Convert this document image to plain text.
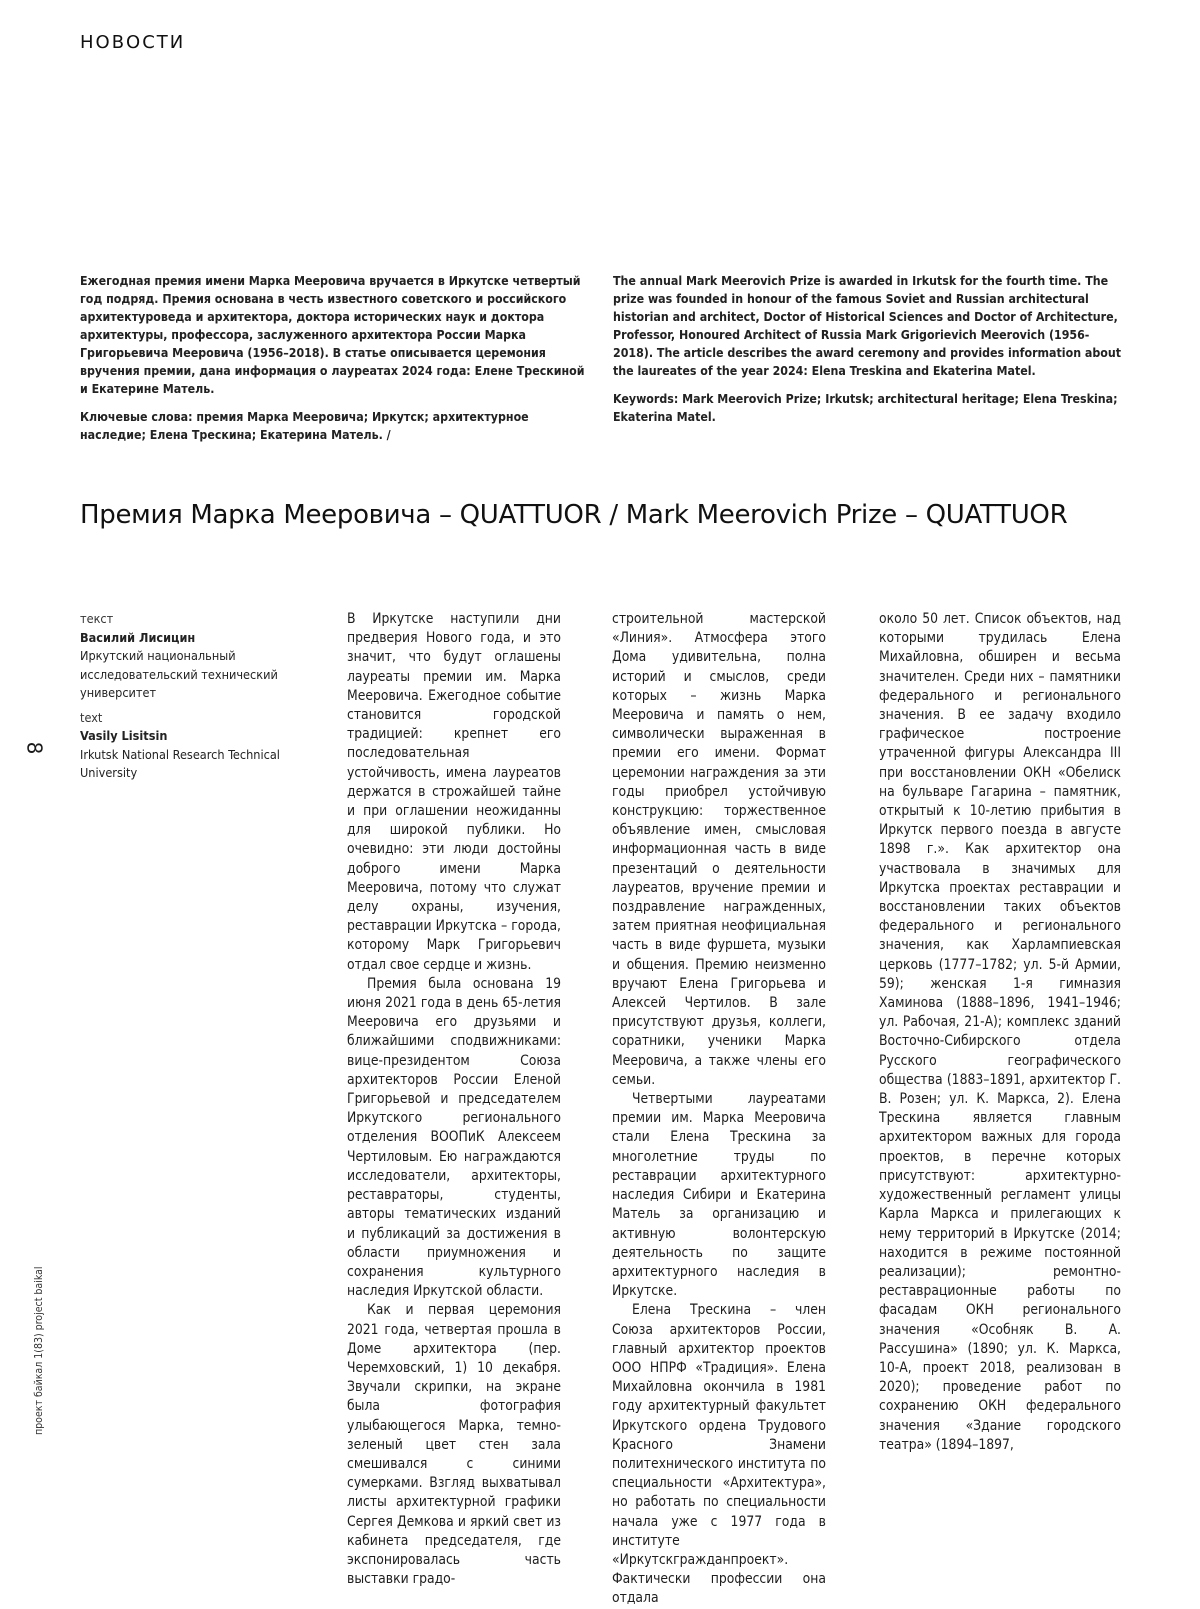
НОВОСТИ

Ежегодная премия имени Марка Мееровича вручается в Иркутске четвертый год подряд. Премия основана в честь известного советского и российского архитектуроведа и архитектора, доктора исторических наук и доктора архитектуры, профессора, заслуженного архитектора России Марка Григорьевича Мееровича (1956–2018). В статье описывается церемония вручения премии, дана информация о лауреатах 2024 года: Елене Трескиной и Екатерине Матель.

Ключевые слова: премия Марка Мееровича; Иркутск; архитектурное наследие; Елена Трескина; Екатерина Матель. /

The annual Mark Meerovich Prize is awarded in Irkutsk for the fourth time. The prize was founded in honour of the famous Soviet and Russian architectural historian and architect, Doctor of Historical Sciences and Doctor of Architecture, Professor, Honoured Architect of Russia Mark Grigorievich Meerovich (1956-2018). The article describes the award ceremony and provides information about the laureates of the year 2024: Elena Treskina and Ekaterina Matel.

Keywords: Mark Meerovich Prize; Irkutsk; architectural heritage; Elena Treskina; Ekaterina Matel.

Премия Марка Мееровича – QUATTUOR / Mark Meerovich Prize – QUATTUOR
текст
Василий Лисицин
Иркутский национальный исследовательский технический университет
text
Vasily Lisitsin
Irkutsk National Research Technical University
8
проект байкал 1(83) project baikal

В Иркутске наступили дни предверия Нового года, и это значит, что будут оглашены лауреаты премии им. Марка Мееровича. Ежегодное событие становится городской традицией: крепнет его последовательная устойчивость, имена лауреатов держатся в строжайшей тайне и при оглашении неожиданны для широкой публики. Но очевидно: эти люди достойны доброго имени Марка Мееровича, потому что служат делу охраны, изучения, реставрации Иркутска – города, которому Марк Григорьевич отдал свое сердце и жизнь.

Премия была основана 19 июня 2021 года в день 65-летия Мееровича его друзьями и ближайшими сподвижниками: вице-президентом Союза архитекторов России Еленой Григорьевой и председателем Иркутского регионального отделения ВООПиК Алексеем Чертиловым. Ею награждаются исследователи, архитекторы, реставраторы, студенты, авторы тематических изданий и публикаций за достижения в области приумножения и сохранения культурного наследия Иркутской области.

Как и первая церемония 2021 года, четвертая прошла в Доме архитектора (пер. Черемховский, 1) 10 декабря. Звучали скрипки, на экране была фотография улыбающегося Марка, темно-зеленый цвет стен зала смешивался с синими сумерками. Взгляд выхватывал листы архитектурной графики Сергея Демкова и яркий свет из кабинета председателя, где экспонировалась часть выставки градо-

строительной мастерской «Линия». Атмосфера этого Дома удивительна, полна историй и смыслов, среди которых – жизнь Марка Мееровича и память о нем, символически выраженная в премии его имени. Формат церемонии награждения за эти годы приобрел устойчивую конструкцию: торжественное объявление имен, смысловая информационная часть в виде презентаций о деятельности лауреатов, вручение премии и поздравление награжденных, затем приятная неофициальная часть в виде фуршета, музыки и общения. Премию неизменно вручают Елена Григорьева и Алексей Чертилов. В зале присутствуют друзья, коллеги, соратники, ученики Марка Мееровича, а также члены его семьи.

Четвертыми лауреатами премии им. Марка Мееровича стали Елена Трескина за многолетние труды по реставрации архитектурного наследия Сибири и Екатерина Матель за организацию и активную волонтерскую деятельность по защите архитектурного наследия в Иркутске.

Елена Трескина – член Союза архитекторов России, главный архитектор проектов ООО НПРФ «Традиция». Елена Михайловна окончила в 1981 году архитектурный факультет Иркутского ордена Трудового Красного Знамени политехнического института по специальности «Архитектура», но работать по специальности начала уже с 1977 года в институте «Иркутскгражданпроект». Фактически профессии она отдала

около 50 лет. Список объектов, над которыми трудилась Елена Михайловна, обширен и весьма значителен. Среди них – памятники федерального и регионального значения. В ее задачу входило графическое построение утраченной фигуры Александра III при восстановлении ОКН «Обелиск на бульваре Гагарина – памятник, открытый к 10-летию прибытия в Иркутск первого поезда в августе 1898 г.». Как архитектор она участвовала в значимых для Иркутска проектах реставрации и восстановлении таких объектов федерального и регионального значения, как Харлампиевская церковь (1777–1782; ул. 5-й Армии, 59); женская 1-я гимназия Хаминова (1888–1896, 1941–1946; ул. Рабочая, 21-А); комплекс зданий Восточно-Сибирского отдела Русского географического общества (1883–1891, архитектор Г. В. Розен; ул. К. Маркса, 2). Елена Трескина является главным архитектором важных для города проектов, в перечне которых присутствуют: архитектурно-художественный регламент улицы Карла Маркса и прилегающих к нему территорий в Иркутске (2014; находится в режиме постоянной реализации); ремонтно-реставрационные работы по фасадам ОКН регионального значения «Особняк В. А. Рассушина» (1890; ул. К. Маркса, 10-А, проект 2018, реализован в 2020); проведение работ по сохранению ОКН федерального значения «Здание городского театра» (1894–1897,
